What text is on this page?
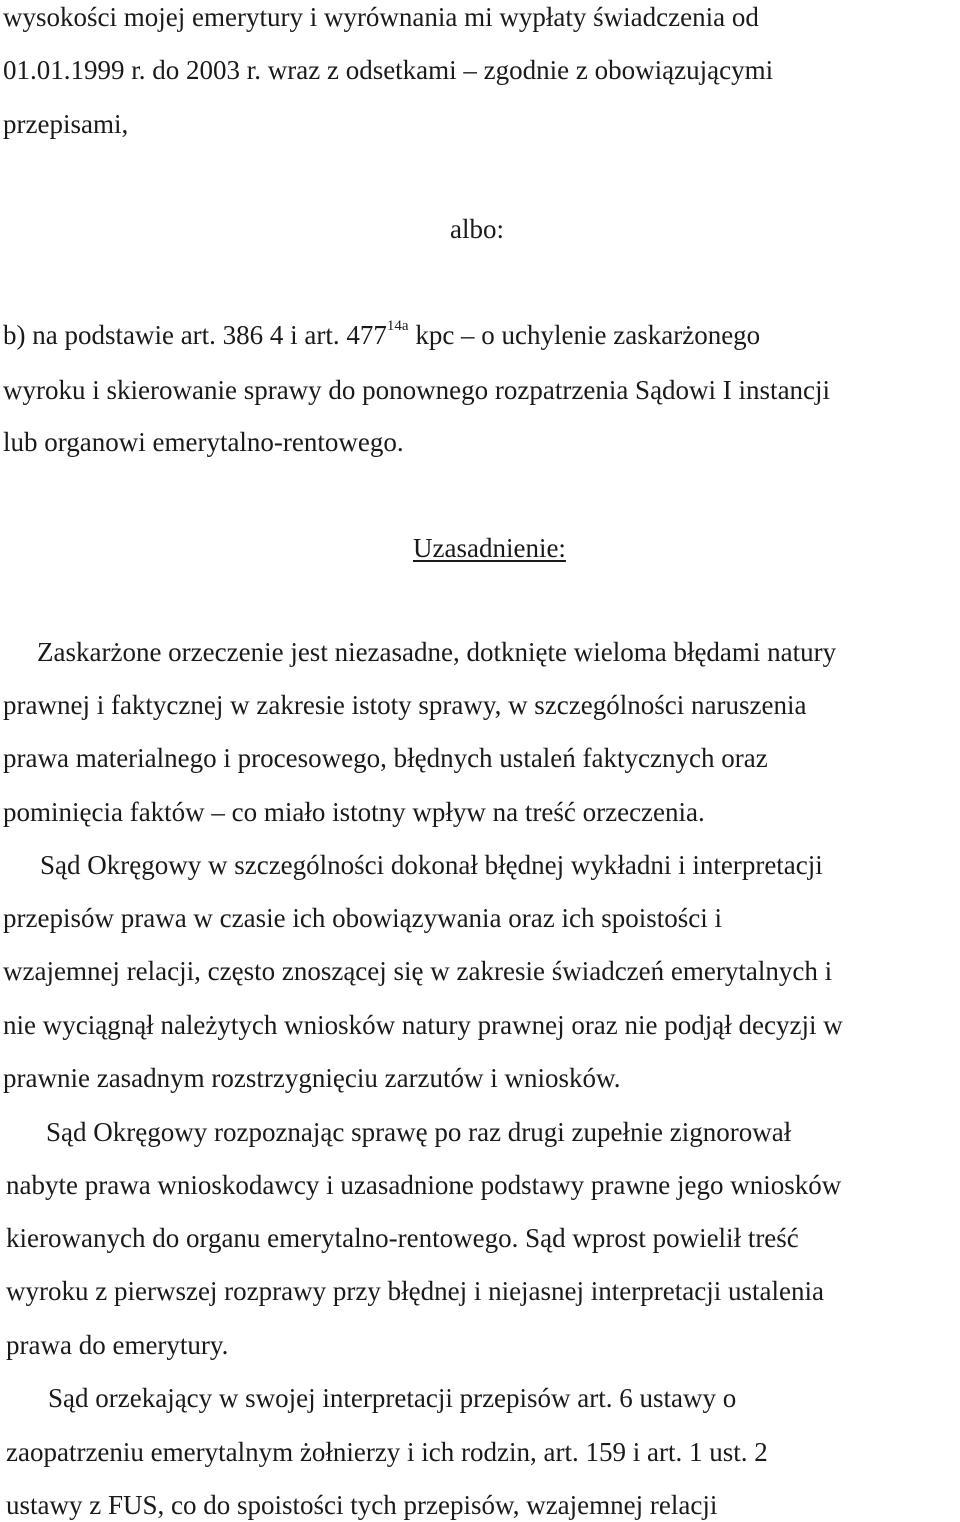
wysokości mojej emerytury i wyrównania mi wypłaty świadczenia od
01.01.1999 r. do 2003 r. wraz z odsetkami – zgodnie z obowiązującymi
przepisami,
albo:
b) na podstawie art. 386 4 i art. $477^{14a}$ kpc – o uchylenie zaskarżonego
wyroku i skierowanie sprawy do ponownego rozpatrzenia Sądowi I instancji
lub organowi emerytalno-rentowego.
Uzasadnienie:
Zaskarżone orzeczenie jest niezasadne, dotknięte wieloma błędami natury
prawnej i faktycznej w zakresie istoty sprawy, w szczególności naruszenia
prawa materialnego i procesowego, błędnych ustaleń faktycznych oraz
pominięcia faktów – co miało istotny wpływ na treść orzeczenia.
Sąd Okręgowy w szczególności dokonał błędnej wykładni i interpretacji
przepisów prawa w czasie ich obowiązywania oraz ich spoistości i
wzajemnej relacji, często znoszącej się w zakresie świadczeń emerytalnych i
nie wyciągnął należytych wniosków natury prawnej oraz nie podjął decyzji w
prawnie zasadnym rozstrzygnięciu zarzutów i wniosków.
Sąd Okręgowy rozpoznając sprawę po raz drugi zupełnie zignorował
nabyte prawa wnioskodawcy i uzasadnione podstawy prawne jego wniosków
kierowanych do organu emerytalno-rentowego. Sąd wprost powielił treść
wyroku z pierwszej rozprawy przy błędnej i niejasnej interpretacji ustalenia
prawa do emerytury.
Sąd orzekający w swojej interpretacji przepisów art. 6 ustawy o
zaopatrzeniu emerytalnym żołnierzy i ich rodzin, art. 159 i art. 1 ust. 2
ustawy z FUS, co do spoistości tych przepisów, wzajemnej relacji
